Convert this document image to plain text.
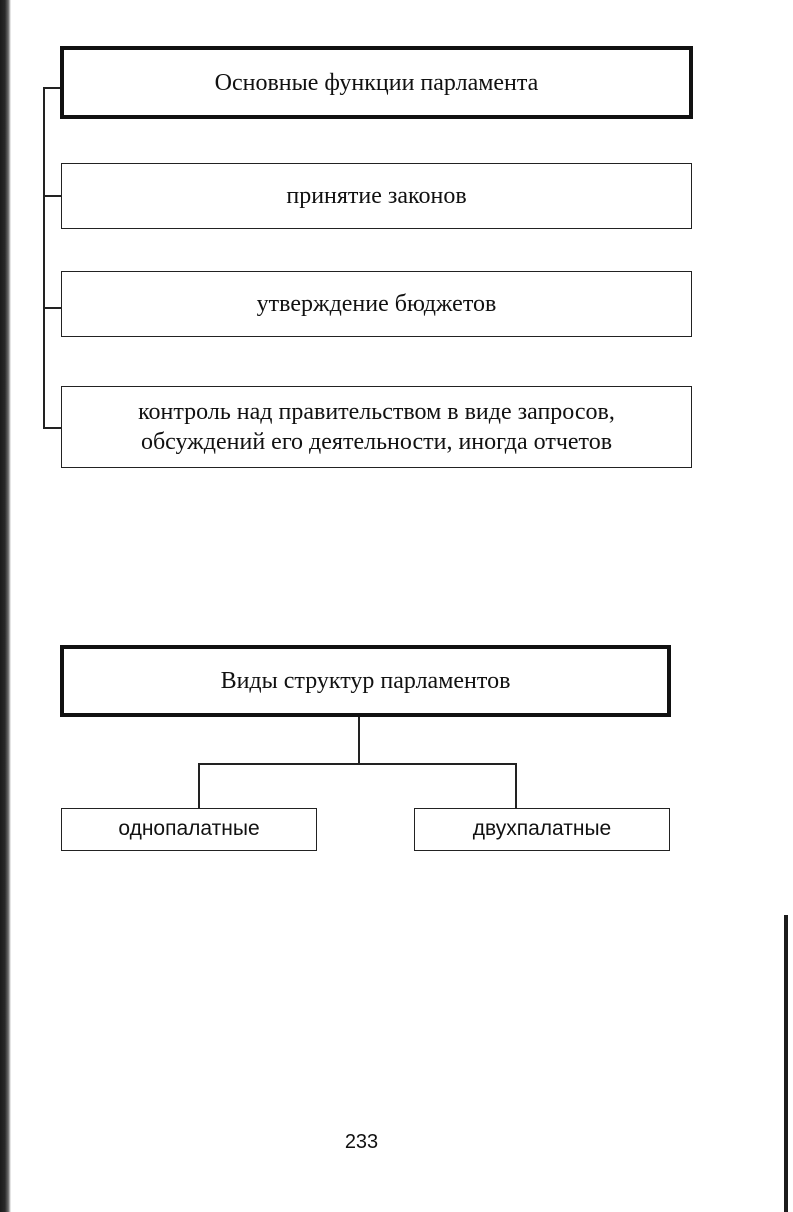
Основные функции парламента
принятие законов
утверждение бюджетов
контроль над правительством в виде запросов, обсуждений его деятельности, иногда отчетов
Виды структур парламентов
однопалатные	двухпалатные
233
